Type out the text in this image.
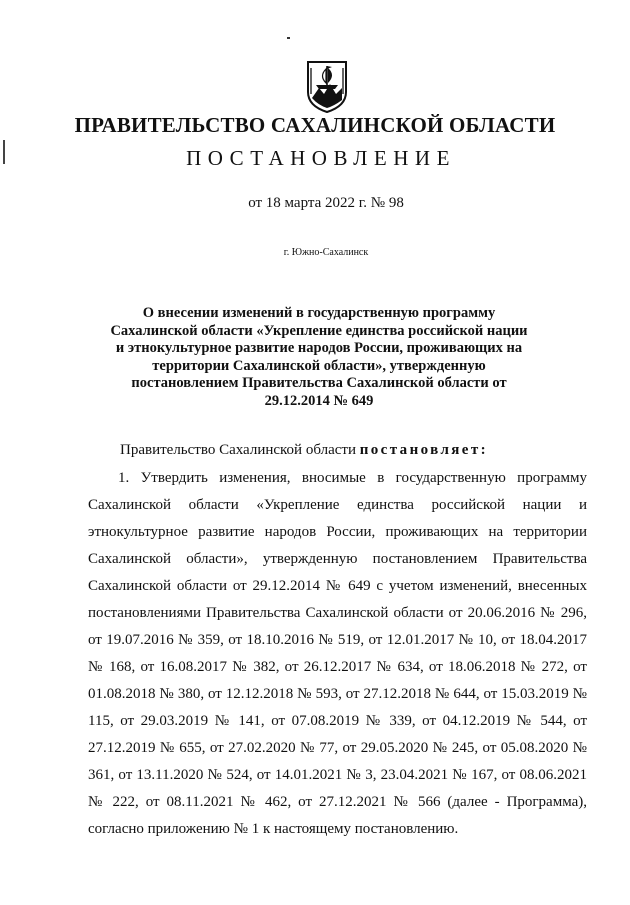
ПРАВИТЕЛЬСТВО САХАЛИНСКОЙ ОБЛАСТИ
ПОСТАНОВЛЕНИЕ
от 18 марта 2022 г. № 98
г. Южно-Сахалинск
О внесении изменений в государственную программу Сахалинской области «Укрепление единства российской нации и этнокультурное развитие народов России, проживающих на территории Сахалинской области», утвержденную постановлением Правительства Сахалинской области от 29.12.2014 № 649
Правительство Сахалинской области постановляет:
1. Утвердить изменения, вносимые в государственную программу Сахалинской области «Укрепление единства российской нации и этнокультурное развитие народов России, проживающих на территории Сахалинской области», утвержденную постановлением Правительства Сахалинской области от 29.12.2014 № 649 с учетом изменений, внесенных постановлениями Правительства Сахалинской области от 20.06.2016 № 296, от 19.07.2016 № 359, от 18.10.2016 № 519, от 12.01.2017 № 10, от 18.04.2017 № 168, от 16.08.2017 № 382, от 26.12.2017 № 634, от 18.06.2018 № 272, от 01.08.2018 № 380, от 12.12.2018 № 593, от 27.12.2018 № 644, от 15.03.2019 № 115, от 29.03.2019 № 141, от 07.08.2019 № 339, от 04.12.2019 № 544, от 27.12.2019 № 655, от 27.02.2020 № 77, от 29.05.2020 № 245, от 05.08.2020 № 361, от 13.11.2020 № 524, от 14.01.2021 № 3, 23.04.2021 № 167, от 08.06.2021 № 222, от 08.11.2021 № 462, от 27.12.2021 № 566 (далее - Программа), согласно приложению № 1 к настоящему постановлению.
